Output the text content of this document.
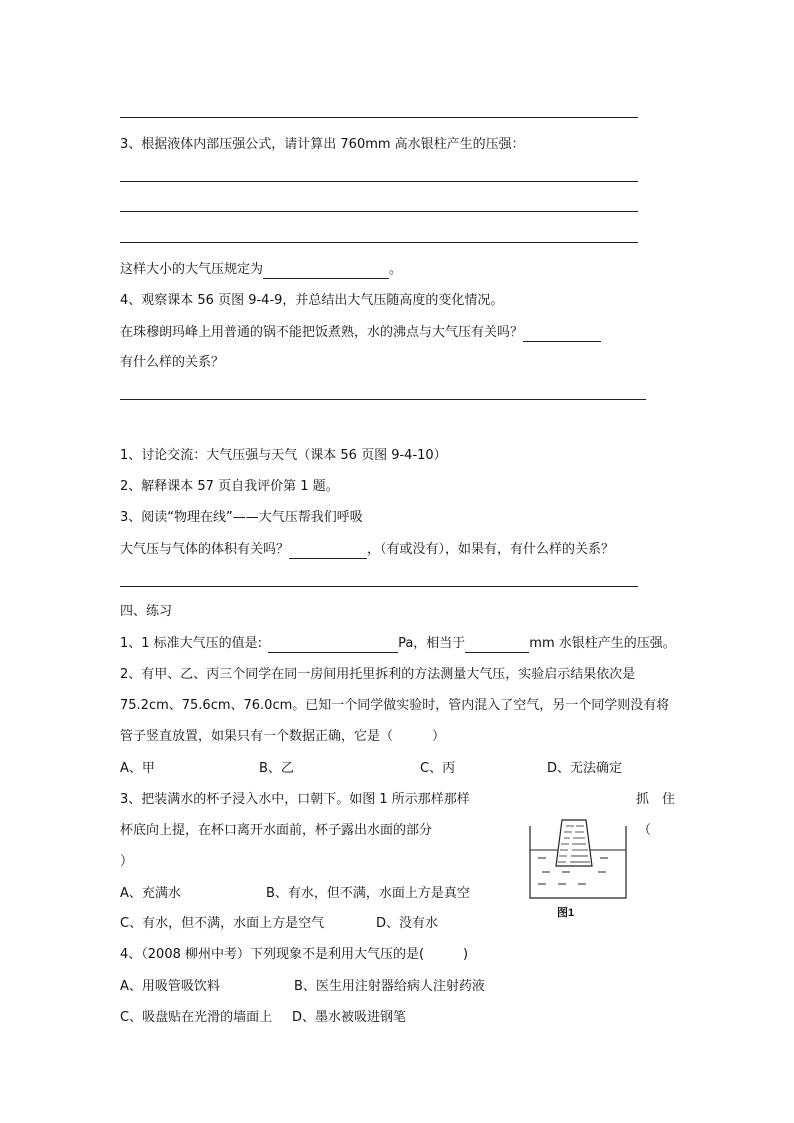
3、根据液体内部压强公式，请计算出 760mm 高水银柱产生的压强：
这样大小的大气压规定为	。
4、观察课本 56 页图 9-4-9，并总结出大气压随高度的变化情况。
在珠穆朗玛峰上用普通的锅不能把饭煮熟，水的沸点与大气压有关吗？
有什么样的关系？
1、讨论交流：大气压强与天气（课本 56 页图 9-4-10）
2、解释课本 57 页自我评价第 1 题。
3、阅读“物理在线”——大气压帮我们呼吸
大气压与气体的体积有关吗？	，（有或没有），如果有，有什么样的关系？
四、练习
1、1 标准大气压的值是:	Pa，相当于	mm 水银柱产生的压强。
2、有甲、乙、丙三个同学在同一房间用托里拆利的方法测量大气压，实验启示结果依次是
75.2cm、75.6cm、76.0cm。已知一个同学做实验时，管内混入了空气，另一个同学则没有将
管子竖直放置，如果只有一个数据正确，它是（　　　）
A、甲	B、乙	C、丙	D、无法确定
3、把装满水的杯子浸入水中，口朝下。如图 1 所示那样那样	抓　住
杯底向上提，在杯口离开水面前，杯子露出水面的部分	（
）
A、充满水	B、有水，但不满，水面上方是真空
C、有水，但不满，水面上方是空气	D、没有水
图1
4、（2008 柳州中考）下列现象不是利用大气压的是(　　　)
A、用吸管吸饮料	B、医生用注射器给病人注射药液
C、吸盘贴在光滑的墙面上 D、墨水被吸进钢笔
